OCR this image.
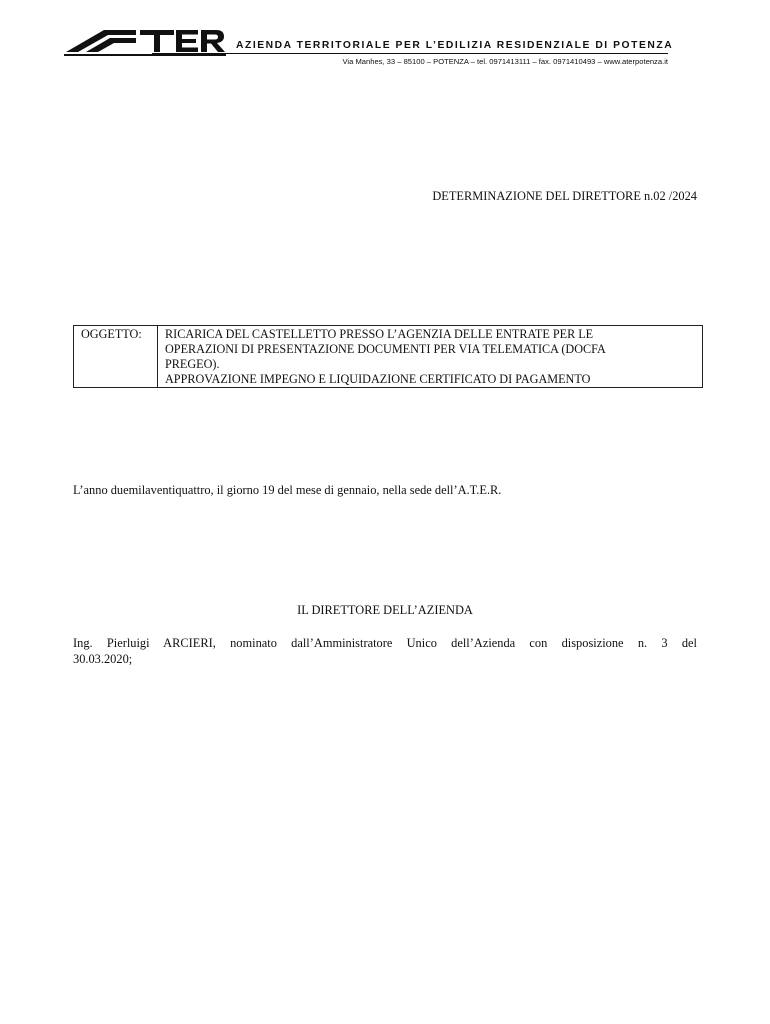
AZIENDA TERRITORIALE PER L’EDILIZIA RESIDENZIALE DI POTENZA
Via Manhes, 33 – 85100 – POTENZA – tel. 0971413111 – fax. 0971410493 – www.aterpotenza.it
DETERMINAZIONE DEL DIRETTORE n.02 /2024
OGGETTO:	RICARICA DEL CASTELLETTO PRESSO L’AGENZIA DELLE ENTRATE PER LE
OPERAZIONI DI PRESENTAZIONE DOCUMENTI PER VIA TELEMATICA (DOCFA
PREGEO).
APPROVAZIONE IMPEGNO E LIQUIDAZIONE CERTIFICATO DI PAGAMENTO
L’anno duemilaventiquattro, il giorno 19 del mese di gennaio, nella sede dell’A.T.E.R.
IL DIRETTORE DELL’AZIENDA
Ing. Pierluigi ARCIERI, nominato dall’Amministratore Unico dell’Azienda con disposizione n. 3 del
30.03.2020;
